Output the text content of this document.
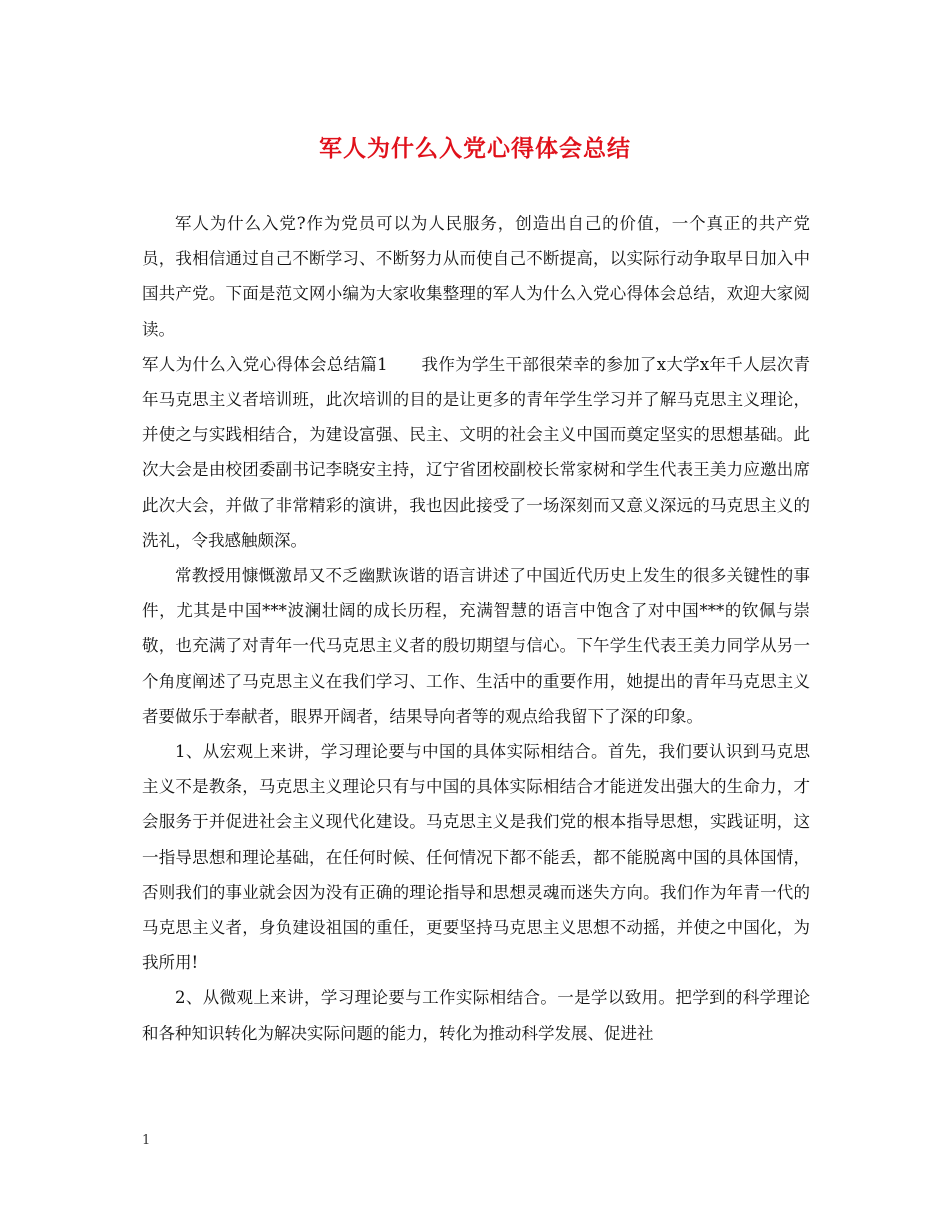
军人为什么入党心得体会总结

军人为什么入党?作为党员可以为人民服务，创造出自己的价值，一个真正的共产党员，我相信通过自己不断学习、不断努力从而使自己不断提高，以实际行动争取早日加入中国共产党。下面是范文网小编为大家收集整理的军人为什么入党心得体会总结，欢迎大家阅读。

军人为什么入党心得体会总结篇1　　我作为学生干部很荣幸的参加了x大学x年千人层次青年马克思主义者培训班，此次培训的目的是让更多的青年学生学习并了解马克思主义理论，并使之与实践相结合，为建设富强、民主、文明的社会主义中国而奠定坚实的思想基础。此次大会是由校团委副书记李晓安主持，辽宁省团校副校长常家树和学生代表王美力应邀出席此次大会，并做了非常精彩的演讲，我也因此接受了一场深刻而又意义深远的马克思主义的洗礼，令我感触颇深。

常教授用慷慨激昂又不乏幽默诙谐的语言讲述了中国近代历史上发生的很多关键性的事件，尤其是中国***波澜壮阔的成长历程，充满智慧的语言中饱含了对中国***的钦佩与崇敬，也充满了对青年一代马克思主义者的殷切期望与信心。下午学生代表王美力同学从另一个角度阐述了马克思主义在我们学习、工作、生活中的重要作用，她提出的青年马克思主义者要做乐于奉献者，眼界开阔者，结果导向者等的观点给我留下了深的印象。

1、从宏观上来讲，学习理论要与中国的具体实际相结合。首先，我们要认识到马克思主义不是教条，马克思主义理论只有与中国的具体实际相结合才能迸发出强大的生命力，才会服务于并促进社会主义现代化建设。马克思主义是我们党的根本指导思想，实践证明，这一指导思想和理论基础，在任何时候、任何情况下都不能丢，都不能脱离中国的具体国情，否则我们的事业就会因为没有正确的理论指导和思想灵魂而迷失方向。我们作为年青一代的马克思主义者，身负建设祖国的重任，更要坚持马克思主义思想不动摇，并使之中国化，为我所用!

2、从微观上来讲，学习理论要与工作实际相结合。一是学以致用。把学到的科学理论和各种知识转化为解决实际问题的能力，转化为推动科学发展、促进社

1
